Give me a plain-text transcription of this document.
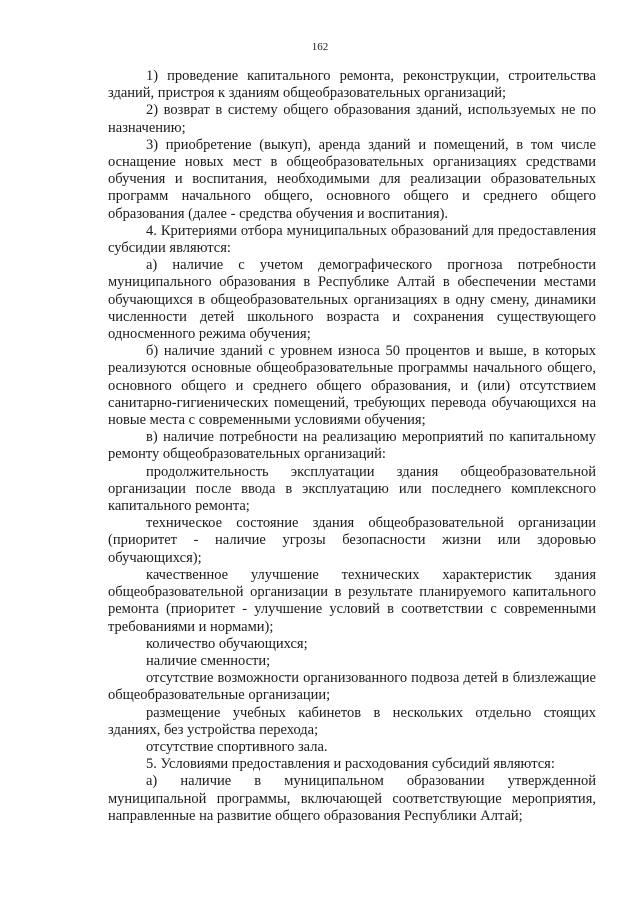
162

1) проведение капитального ремонта, реконструкции, строительства зданий, пристроя к зданиям общеобразовательных организаций;

2) возврат в систему общего образования зданий, используемых не по назначению;

3) приобретение (выкуп), аренда зданий и помещений, в том числе оснащение новых мест в общеобразовательных организациях средствами обучения и воспитания, необходимыми для реализации образовательных программ начального общего, основного общего и среднего общего образования (далее - средства обучения и воспитания).

4. Критериями отбора муниципальных образований для предоставления субсидии являются:

а) наличие с учетом демографического прогноза потребности муниципального образования в Республике Алтай в обеспечении местами обучающихся в общеобразовательных организациях в одну смену, динамики численности детей школьного возраста и сохранения существующего односменного режима обучения;

б) наличие зданий с уровнем износа 50 процентов и выше, в которых реализуются основные общеобразовательные программы начального общего, основного общего и среднего общего образования, и (или) отсутствием санитарно-гигиенических помещений, требующих перевода обучающихся на новые места с современными условиями обучения;

в) наличие потребности на реализацию мероприятий по капитальному ремонту общеобразовательных организаций:

продолжительность эксплуатации здания общеобразовательной организации после ввода в эксплуатацию или последнего комплексного капитального ремонта;

техническое состояние здания общеобразовательной организации (приоритет - наличие угрозы безопасности жизни или здоровью обучающихся);

качественное улучшение технических характеристик здания общеобразовательной организации в результате планируемого капитального ремонта (приоритет - улучшение условий в соответствии с современными требованиями и нормами);

количество обучающихся;

наличие сменности;

отсутствие возможности организованного подвоза детей в близлежащие общеобразовательные организации;

размещение учебных кабинетов в нескольких отдельно стоящих зданиях, без устройства перехода;

отсутствие спортивного зала.

5. Условиями предоставления и расходования субсидий являются:

а) наличие в муниципальном образовании утвержденной муниципальной программы, включающей соответствующие мероприятия, направленные на развитие общего образования Республики Алтай;
